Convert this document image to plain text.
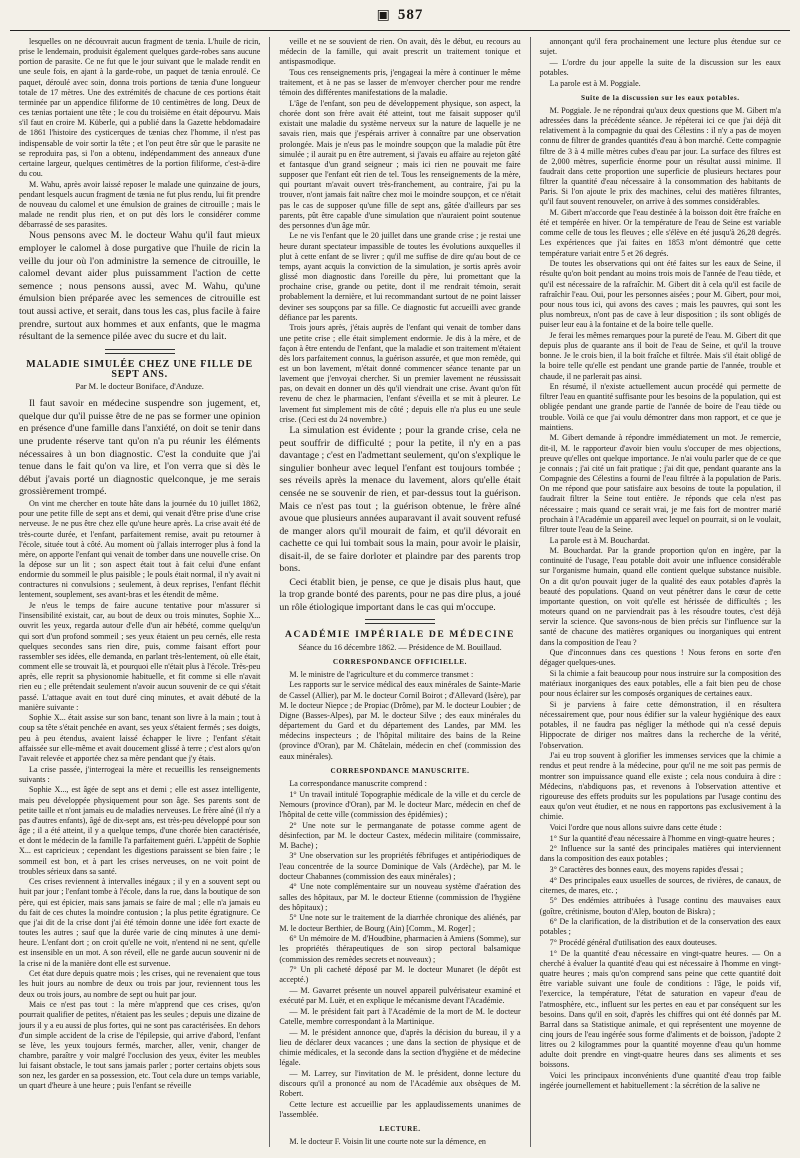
▣ 587

lesquelles on ne découvrait aucun fragment de tænia. L'huile de ricin, prise le lendemain, produisit également quelques garde-robes sans aucune portion de parasite. Ce ne fut que le jour suivant que le malade rendit en une seule fois, en ajant à la garde-robe, un paquet de tænia enroulé. Ce paquet, déroulé avec soin, donna trois portions de tænia d'une longueur totale de 17 mètres. Une des extrémités de chacune de ces portions était terminée par un appendice filiforme de 10 centimètres de long. Deux de ces tænias portaient une tête ; le cou du troisième en était dépourvu. Mais s'il faut en croire M. Küberle, qui a publié dans la Gazette hebdomadaire de 1861 l'histoire des cysticerques de tænias chez l'homme, il n'est pas indispensable de voir sortir la tête ; et l'on peut être sûr que le parasite ne se reproduira pas, si l'on a obtenu, indépendamment des anneaux d'une certaine largeur, quelques centimètres de la portion filiforme, c'est-à-dire du cou.

M. Wahu, après avoir laissé reposer le malade une quinzaine de jours, pendant lesquels aucun fragment de tænia ne fut plus rendu, lui fit prendre de nouveau du calomel et une émulsion de graines de citrouille ; mais le malade ne rendit plus rien, et on put dès lors le considérer comme débarrassé de ses parasites.

Nous pensons avec M. le docteur Wahu qu'il faut mieux employer le calomel à dose purgative que l'huile de ricin la veille du jour où l'on administre la semence de citrouille, le calomel devant aider plus puissamment l'action de cette semence ; nous pensons aussi, avec M. Wahu, qu'une émulsion bien préparée avec les semences de citrouille est tout aussi active, et serait, dans tous les cas, plus facile à faire prendre, surtout aux hommes et aux enfants, que le magma résultant de la semence pilée avec du sucre et du lait.

MALADIE SIMULÉE CHEZ UNE FILLE DE SEPT ANS.
Par M. le docteur Boniface, d'Anduze.

Il faut savoir en médecine suspendre son jugement, et, quelque dur qu'il puisse être de ne pas se former une opinion en présence d'une famille dans l'anxiété, on doit se tenir dans une prudente réserve tant qu'on n'a pu réunir les éléments nécessaires à un bon diagnostic. C'est la conduite que j'ai tenue dans le fait qu'on va lire, et l'on verra que si dès le début j'avais porté un diagnostic quelconque, je me serais grossièrement trompé.

On vint me chercher en toute hâte dans la journée du 10 juillet 1862, pour une petite fille de sept ans et demi, qui venait d'être prise d'une crise nerveuse. Je ne pus être chez elle qu'une heure après. La crise avait été de très-courte durée, et l'enfant, parfaitement remise, avait pu retourner à l'école, située tout à côté. Au moment où j'allais interroger plus à fond la mère, on apporte l'enfant qui venait de tomber dans une nouvelle crise. On la dépose sur un lit ; son aspect était tout à fait celui d'une enfant endormie du sommeil le plus paisible ; le pouls était normal, il n'y avait ni contractures ni convulsions ; seulement, à deux reprises, l'enfant fléchit lentement, souplement, ses avant-bras et les étendit de même.

Je n'eus le temps de faire aucune tentative pour m'assurer si l'insensibilité existait, car, au bout de deux ou trois minutes, Sophie X... ouvrit les yeux, regarda autour d'elle d'un air hébété, comme quelqu'un qui sort d'un profond sommeil ; ses yeux étaient un peu cernés, elle resta quelques secondes sans rien dire, puis, comme faisant effort pour rassembler ses idées, elle demanda, en parlant très-lentement, où elle était, comment elle se trouvait là, et pourquoi elle n'était plus à l'école. Très-peu après, elle reprit sa physionomie habituelle, et fit comme si elle n'avait rien eu ; elle prétendait seulement n'avoir aucun souvenir de ce qui s'était passé. L'attaque avait en tout duré cinq minutes, et avait débuté de la manière suivante :

Sophie X... était assise sur son banc, tenant son livre à la main ; tout à coup sa tête s'était penchée en avant, ses yeux s'étaient fermés ; ses doigts, peu à peu étendus, avaient laissé échapper le livre ; l'enfant s'était affaissée sur elle-même et avait doucement glissé à terre ; c'est alors qu'on l'avait relevée et apportée chez sa mère pendant que j'y étais.

La crise passée, j'interrogeai la mère et recueillis les renseignements suivants :

Sophie X..., est âgée de sept ans et demi ; elle est assez intelligente, mais peu développée physiquement pour son âge. Ses parents sont de petite taille et n'ont jamais eu de maladies nerveuses. Le frère aîné (il n'y a pas d'autres enfants), âgé de dix-sept ans, est très-peu développé pour son âge ; il a été atteint, il y a quelque temps, d'une chorée bien caractérisée, et dont le médecin de la famille l'a parfaitement guéri. L'appétit de Sophie X... est capricieux ; cependant les digestions paraissent se bien faire ; le sommeil est bon, et à part les crises nerveuses, on ne voit point de troubles sérieux dans sa santé.

Ces crises reviennent à intervalles inégaux ; il y en a souvent sept ou huit par jour ; l'enfant tombe à l'école, dans la rue, dans la boutique de son père, qui est épicier, mais sans jamais se faire de mal ; elle n'a jamais eu du fait de ces chutes la moindre contusion ; la plus petite égratignure. Ce que j'ai dit de la crise dont j'ai été témoin donne une idée fort exacte de toutes les autres ; sauf que la durée varie de cinq minutes à une demi-heure. L'enfant dort ; on croit qu'elle ne voit, n'entend ni ne sent, qu'elle est insensible en un mot. A son réveil, elle ne garde aucun souvenir ni de la crise ni de la manière dont elle est survenue.

Cet état dure depuis quatre mois ; les crises, qui ne revenaient que tous les huit jours au nombre de deux ou trois par jour, reviennent tous les deux ou trois jours, au nombre de sept ou huit par jour.

Mais ce n'est pas tout : la mère m'apprend que ces crises, qu'on pourrait qualifier de petites, n'étaient pas les seules ; depuis une dizaine de jours il y a eu aussi de plus fortes, qui ne sont pas caractérisées. En dehors d'un simple accident de la crise de l'épilepsie, qui arrive d'abord, l'enfant se lève, les yeux toujours fermés, marcher, aller, venir, changer de chambre, paraître y voir malgré l'occlusion des yeux, éviter les meubles lui faisant obstacle, le tout sans jamais parler ; porter certains objets sous son nez, les garder en sa possession, etc. Tout cela dure un temps variable, un quart d'heure à une heure ; puis l'enfant se réveille

veille et ne se souvient de rien. On avait, dès le début, eu recours au médecin de la famille, qui avait prescrit un traitement tonique et antispasmodique.

Tous ces renseignements pris, j'engageai la mère à continuer le même traitement, et à ne pas se lasser de m'envoyer chercher pour me rendre témoin des différentes manifestations de la maladie.

L'âge de l'enfant, son peu de développement physique, son aspect, la chorée dont son frère avait été atteint, tout me faisait supposer qu'il existait une maladie du système nerveux sur la nature de laquelle je ne savais rien, mais que j'espérais arriver à connaître par une observation prolongée. Mais je n'eus pas le moindre soupçon que la maladie pût être simulée ; il aurait pu en être autrement, si j'avais eu affaire au rejeton gâté et fantasque d'un grand seigneur ; mais ici rien ne pouvait me faire supposer que l'enfant eût rien de tel. Tous les renseignements de la mère, qui pourtant m'avait ouvert très-franchement, au contraire, j'ai pu la trouver, n'ont jamais fait naître chez moi le moindre soupçon, et ce n'était pas le cas de supposer qu'une fille de sept ans, gâtée d'ailleurs par ses parents, pût être capable d'une simulation que n'auraient point soutenue des personnes d'un âge mûr.

Le ne vis l'enfant que le 20 juillet dans une grande crise ; je restai une heure durant spectateur impassible de toutes les évolutions auxquelles il plut à cette enfant de se livrer ; qu'il me suffise de dire qu'au bout de ce temps, ayant acquis la conviction de la simulation, je sortis après avoir glissé mon diagnostic dans l'oreille du père, lui promettant que la prochaine crise, grande ou petite, dont il me rendrait témoin, serait probablement la dernière, et lui recommandant surtout de ne point laisser deviner ses soupçons par sa fille. Ce diagnostic fut accueilli avec grande défiance par les parents.

Trois jours après, j'étais auprès de l'enfant qui venait de tomber dans une petite crise ; elle était simplement endormie. Je dis à la mère, et de façon à être entendu de l'enfant, que la maladie et son traitement m'étaient dès lors parfaitement connus, la guérison assurée, et que mon remède, qui est un bon lavement, m'était donné commencer séance tenante par un lavement que j'envoyai chercher. Si un premier lavement ne réussissait pas, on devait en donner un dès qu'il viendrait une crise. Avant qu'on fût revenu de chez le pharmacien, l'enfant s'éveilla et se mit à pleurer. Le lavement fut simplement mis de côté ; depuis elle n'a plus eu une seule crise. (Ceci est du 24 novembre.)

La simulation est évidente ; pour la grande crise, cela ne peut souffrir de difficulté ; pour la petite, il n'y en a pas davantage ; c'est en l'admettant seulement, qu'on s'explique le singulier bonheur avec lequel l'enfant est toujours tombée ; ses réveils après la menace du lavement, alors qu'elle était censée ne se souvenir de rien, et par-dessus tout la guérison. Mais ce n'est pas tout ; la guérison obtenue, le frère aîné avoue que plusieurs années auparavant il avait souvent refusé de manger alors qu'il mourait de faim, et qu'il dévorait en cachette ce qui lui tombait sous la main, pour avoir le plaisir, disait-il, de se faire dorloter et plaindre par des parents trop bons.

Ceci établit bien, je pense, ce que je disais plus haut, que la trop grande bonté des parents, pour ne pas dire plus, a joué un rôle étiologique important dans le cas qui m'occupe.

ACADÉMIE IMPÉRIALE DE MÉDECINE
Séance du 16 décembre 1862. — Présidence de M. Bouillaud.
CORRESPONDANCE OFFICIELLE.

M. le ministre de l'agriculture et du commerce transmet :

Les rapports sur le service médical des eaux minérales de Sainte-Marie de Cassel (Allier), par M. le docteur Cornil Boirot ; d'Allevard (Isère), par M. le docteur Niepce ; de Propiac (Drôme), par M. le docteur Loubier ; de Digne (Basses-Alpes), par M. le docteur Silve ; des eaux minérales du département du Gard et du département des Landes, par MM. les médecins inspecteurs ; de l'hôpital militaire des bains de la Reine (province d'Oran), par M. Châtelain, médecin en chef (commission des eaux minérales).

CORRESPONDANCE MANUSCRITE.

La correspondance manuscrite comprend :

1° Un travail intitulé Topographie médicale de la ville et du cercle de Nemours (province d'Oran), par M. le docteur Marc, médecin en chef de l'hôpital de cette ville (commission des épidémies) ;

2° Une note sur le permanganate de potasse comme agent de désinfection, par M. le docteur Castex, médecin militaire (commissaire, M. Bache) ;

3° Une observation sur les propriétés fébrifuges et antipériodiques de l'eau concentrée de la source Dominique de Vals (Ardèche), par M. le docteur Chabannes (commission des eaux minérales) ;

4° Une note complémentaire sur un nouveau système d'aération des salles des hôpitaux, par M. le docteur Etienne (commission de l'hygiène des hôpitaux) ;

5° Une note sur le traitement de la diarrhée chronique des aliénés, par M. le docteur Berthier, de Bourg (Ain) [Comm., M. Roger] ;

6° Un mémoire de M. d'Houdbine, pharmacien à Amiens (Somme), sur les propriétés thérapeutiques de son sirop pectoral balsamique (commission des remèdes secrets et nouveaux) ;

7° Un pli cacheté déposé par M. le docteur Munaret (le dépôt est accepté.)

— M. Gavarret présente un nouvel appareil pulvérisateur examiné et exécuté par M. Luër, et en explique le mécanisme devant l'Académie.

— M. le président fait part à l'Académie de la mort de M. le docteur Catelle, membre correspondant à la Martinique.

— M. le président annonce que, d'après la décision du bureau, il y a lieu de déclarer deux vacances ; une dans la section de physique et de chimie médicales, et la seconde dans la section d'hygiène et de médecine légale.

— M. Larrey, sur l'invitation de M. le président, donne lecture du discours qu'il a prononcé au nom de l'Académie aux obsèques de M. Robert.

Cette lecture est accueillie par les applaudissements unanimes de l'assemblée.

LECTURE.

M. le docteur F. Voisin lit une courte note sur la démence, en

annonçant qu'il fera prochainement une lecture plus étendue sur ce sujet.

— L'ordre du jour appelle la suite de la discussion sur les eaux potables.

La parole est à M. Poggiale.

Suite de la discussion sur les eaux potables.

M. Poggiale. Je ne répondrai qu'aux deux questions que M. Gibert m'a adressées dans la précédente séance. Je répéterai ici ce que j'ai déjà dit relativement à la compagnie du quai des Célestins : il n'y a pas de moyen connu de filtrer de grandes quantités d'eau à bon marché. Cette compagnie filtre de 3 à 4 mille mètres cubes d'eau par jour. La surface des filtres est de 2,000 mètres, superficie énorme pour un résultat aussi minime. Il faudrait dans cette proportion une superficie de plusieurs hectares pour filtrer la quantité d'eau nécessaire à la consommation des habitants de Paris. Si l'on ajoute le prix des machines, celui des matières filtrantes, qu'il faut souvent renouveler, on arrive à des sommes considérables.

M. Gibert m'accorde que l'eau destinée à la boisson doit être fraîche en été et tempérée en hiver. Or la température de l'eau de Seine est variable comme celle de tous les fleuves ; elle s'élève en été jusqu'à 26,28 degrés. Les expériences que j'ai faites en 1853 m'ont démontré que cette température variait entre 5 et 26 degrés.

De toutes les observations qui ont été faites sur les eaux de Seine, il résulte qu'on boit pendant au moins trois mois de l'année de l'eau tiède, et qu'il est nécessaire de la rafraîchir. M. Gibert dit à cela qu'il est facile de rafraîchir l'eau. Oui, pour les personnes aisées ; pour M. Gibert, pour moi, pour nous tous ici, qui avons des caves ; mais les pauvres, qui sont les plus nombreux, n'ont pas de cave à leur disposition ; ils sont obligés de puiser leur eau à la fontaine et de la boire telle quelle.

Je ferai les mêmes remarques pour la pureté de l'eau. M. Gibert dit que depuis plus de quarante ans il boit de l'eau de Seine, et qu'il la trouve bonne. Je le crois bien, il la boit fraîche et filtrée. Mais s'il était obligé de la boire telle qu'elle est pendant une grande partie de l'année, trouble et chaude, il ne parlerait pas ainsi.

En résumé, il n'existe actuellement aucun procédé qui permette de filtrer l'eau en quantité suffisante pour les besoins de la population, qui est obligée pendant une grande partie de l'année de boire de l'eau tiède ou trouble. Voilà ce que j'ai voulu démontrer dans mon rapport, et ce que je maintiens.

M. Gibert demande à répondre immédiatement un mot. Je remercie, dit-il, M. le rapporteur d'avoir bien voulu s'occuper de mes objections, preuve qu'elles ont quelque importance. Je n'ai voulu parler que de ce que je connais ; j'ai cité un fait pratique ; j'ai dit que, pendant quarante ans la Compagnie des Célestins a fourni de l'eau filtrée à la population de Paris. On me répond que pour satisfaire aux besoins de toute la population, il faudrait filtrer la Seine tout entière. Je réponds que cela n'est pas nécessaire ; mais quand ce serait vrai, je me fais fort de montrer marié prochain à l'Académie un appareil avec lequel on pourrait, si on le voulait, filtrer toute l'eau de la Seine.

La parole est à M. Bouchardat.

M. Bouchardat. Par la grande proportion qu'on en ingère, par la continuité de l'usage, l'eau potable doit avoir une influence considérable sur l'organisme humain, quand elle contient quelque substance nuisible. On a dit qu'on pouvait juger de la qualité des eaux potables d'après la beauté des populations. Quand on veut pénétrer dans le cœur de cette importante question, on voit qu'elle est hérissée de difficultés ; les moteurs quand on ne parviendrait pas à les résoudre toutes, c'est déjà servir la science. Que savons-nous de bien précis sur l'influence sur la santé de chacune des matières organiques ou inorganiques qui entrent dans la composition de l'eau ?

Que d'inconnues dans ces questions ! Nous ferons en sorte d'en dégager quelques-unes.

Si la chimie a fait beaucoup pour nous instruire sur la composition des matériaux inorganiques des eaux potables, elle a fait bien peu de chose pour nous éclairer sur les composés organiques de certaines eaux.

Si je parviens à faire cette démonstration, il en résultera nécessairement que, pour nous édifier sur la valeur hygiénique des eaux potables, il ne faudra pas négliger la méthode qui n'a cessé depuis Hippocrate de diriger nos maîtres dans la recherche de la vérité, l'observation.

J'ai eu trop souvent à glorifier les immenses services que la chimie a rendus et peut rendre à la médecine, pour qu'il ne me soit pas permis de montrer son impuissance quand elle existe ; cela nous conduira à dire : Médecins, n'abdiquons pas, et revenons à l'observation attentive et rigoureuse des effets produits sur les populations par l'usage continu des eaux qu'on veut étudier, et ne nous en rapportons pas exclusivement à la chimie.

Voici l'ordre que nous allons suivre dans cette étude :

1° Sur la quantité d'eau nécessaire à l'homme en vingt-quatre heures ;

2° Influence sur la santé des principales matières qui interviennent dans la composition des eaux potables ;

3° Caractères des bonnes eaux, des moyens rapides d'essai ;

4° Des principales eaux usuelles de sources, de rivières, de canaux, de citernes, de mares, etc. ;

5° Des endémies attribuées à l'usage continu des mauvaises eaux (goître, crétinisme, bouton d'Alep, bouton de Biskra) ;

6° De la clarification, de la distribution et de la conservation des eaux potables ;

7° Procédé général d'utilisation des eaux douteuses.

1° De la quantité d'eau nécessaire en vingt-quatre heures. — On a cherché à évaluer la quantité d'eau qui est nécessaire à l'homme en vingt-quatre heures ; mais qu'on comprend sans peine que cette quantité doit être variable suivant une foule de conditions : l'âge, le poids vif, l'exercice, la température, l'état de saturation en vapeur d'eau de l'atmosphère, etc., influent sur les pertes en eau et par conséquent sur les besoins. Dans qu'il en soit, d'après les chiffres qui ont été donnés par M. Barral dans sa Statistique animale, et qui représentent une moyenne de cinq jours de l'eau ingérée sous forme d'aliments et de boisson, j'adopte 2 litres ou 2 kilogrammes pour la quantité moyenne d'eau qu'un homme adulte doit prendre en vingt-quatre heures dans ses aliments et ses boissons.

Voici les principaux inconvénients d'une quantité d'eau trop faible ingérée journellement et habituellement : la sécrétion de la salive ne
